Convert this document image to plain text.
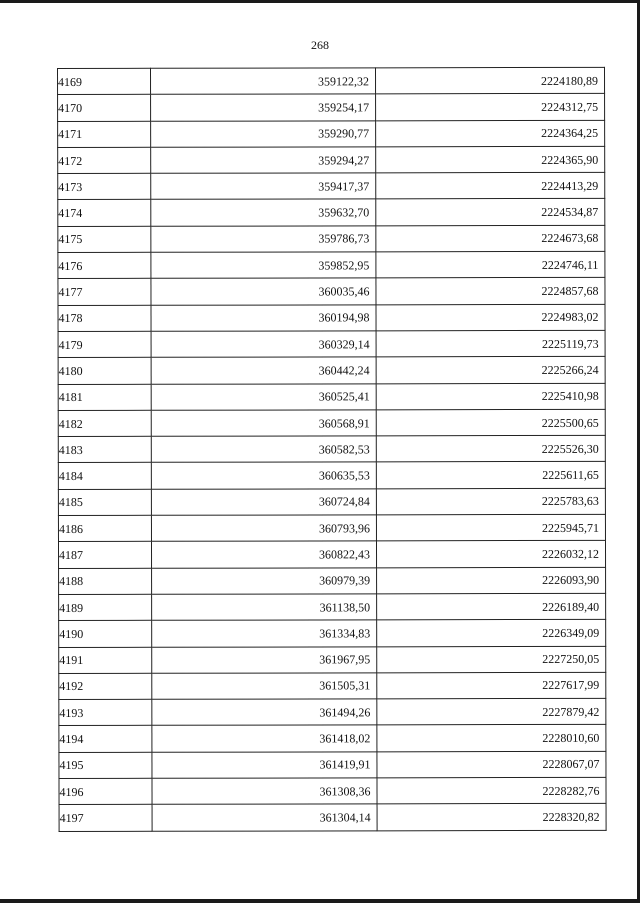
268
4169	359122,32	2224180,89
4170	359254,17	2224312,75
4171	359290,77	2224364,25
4172	359294,27	2224365,90
4173	359417,37	2224413,29
4174	359632,70	2224534,87
4175	359786,73	2224673,68
4176	359852,95	2224746,11
4177	360035,46	2224857,68
4178	360194,98	2224983,02
4179	360329,14	2225119,73
4180	360442,24	2225266,24
4181	360525,41	2225410,98
4182	360568,91	2225500,65
4183	360582,53	2225526,30
4184	360635,53	2225611,65
4185	360724,84	2225783,63
4186	360793,96	2225945,71
4187	360822,43	2226032,12
4188	360979,39	2226093,90
4189	361138,50	2226189,40
4190	361334,83	2226349,09
4191	361967,95	2227250,05
4192	361505,31	2227617,99
4193	361494,26	2227879,42
4194	361418,02	2228010,60
4195	361419,91	2228067,07
4196	361308,36	2228282,76
4197	361304,14	2228320,82
